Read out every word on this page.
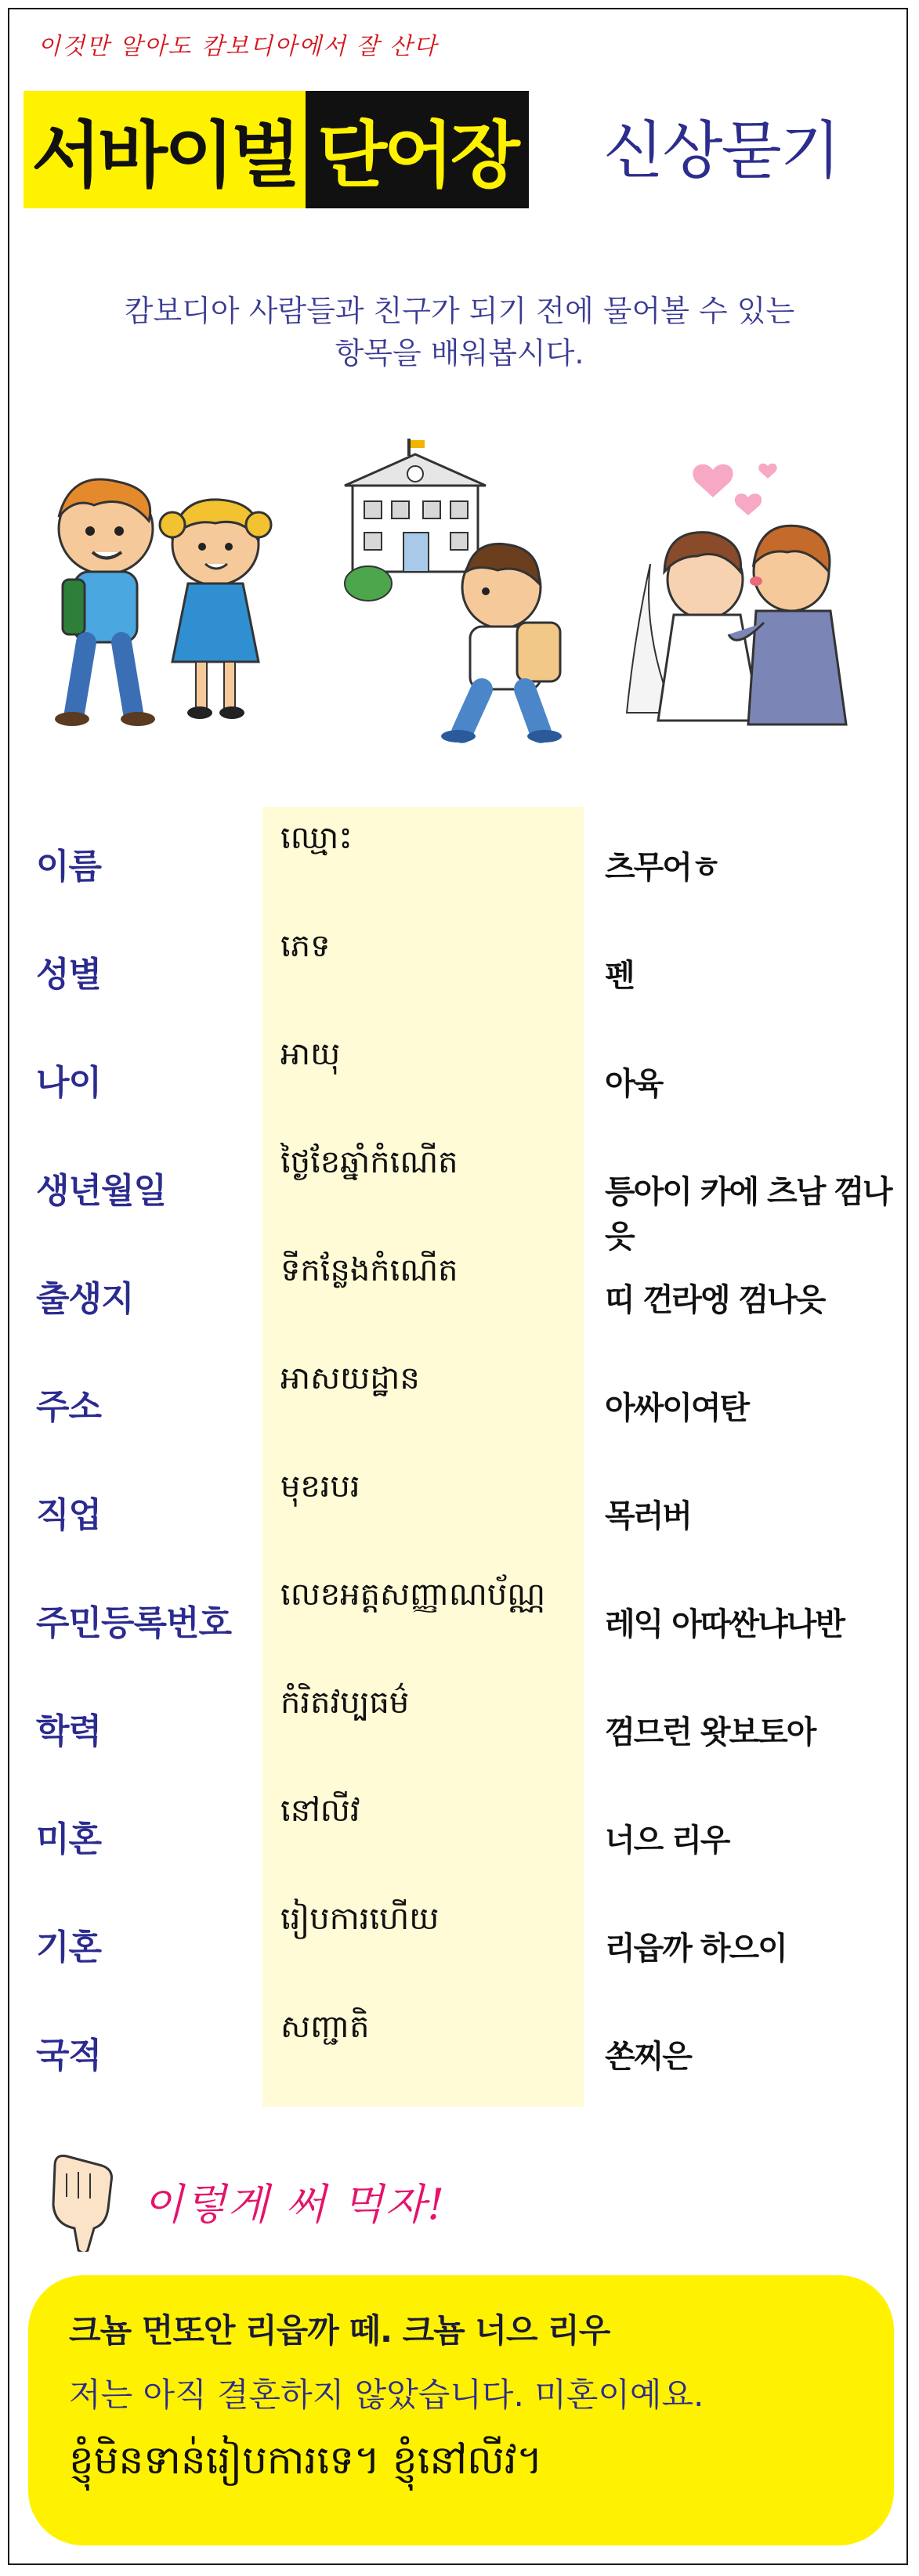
이것만 알아도 캄보디아에서 잘 산다
서바이벌 단어장 신상묻기
캄보디아 사람들과 친구가 되기 전에 물어볼 수 있는
항목을 배워봅시다.
이름
ឈ្មោះ
츠무어ㅎ
성별
ភេទ
펜
나이
អាយុ
아육
생년월일
ថ្ងៃខែឆ្នាំកំណើត
틍아이 카에 츠남 껌나읏
출생지
ទីកន្លែងកំណើត
띠 껀라엥 껌나읏
주소
អាសយដ្ឋាន
아싸이여탄
직업
មុខរបរ
목러버
주민등록번호
លេខអត្តសញ្ញាណប័ណ្ណ
레익 아따싼냐나반
학력
កំរិតវប្បធម៌
껌므런 왓보토아
미혼
នៅលីវ
너으 리우
기혼
រៀបការហើយ
리읍까 하으이
국적
សញ្ជាតិ
쏜찌은
이렇게 써 먹자!
크뇸 먼또안 리읍까 떼. 크뇸 너으 리우
저는 아직 결혼하지 않았습니다. 미혼이예요.
ខ្ញុំមិនទាន់រៀបការទេ។ ខ្ញុំនៅលីវ។
